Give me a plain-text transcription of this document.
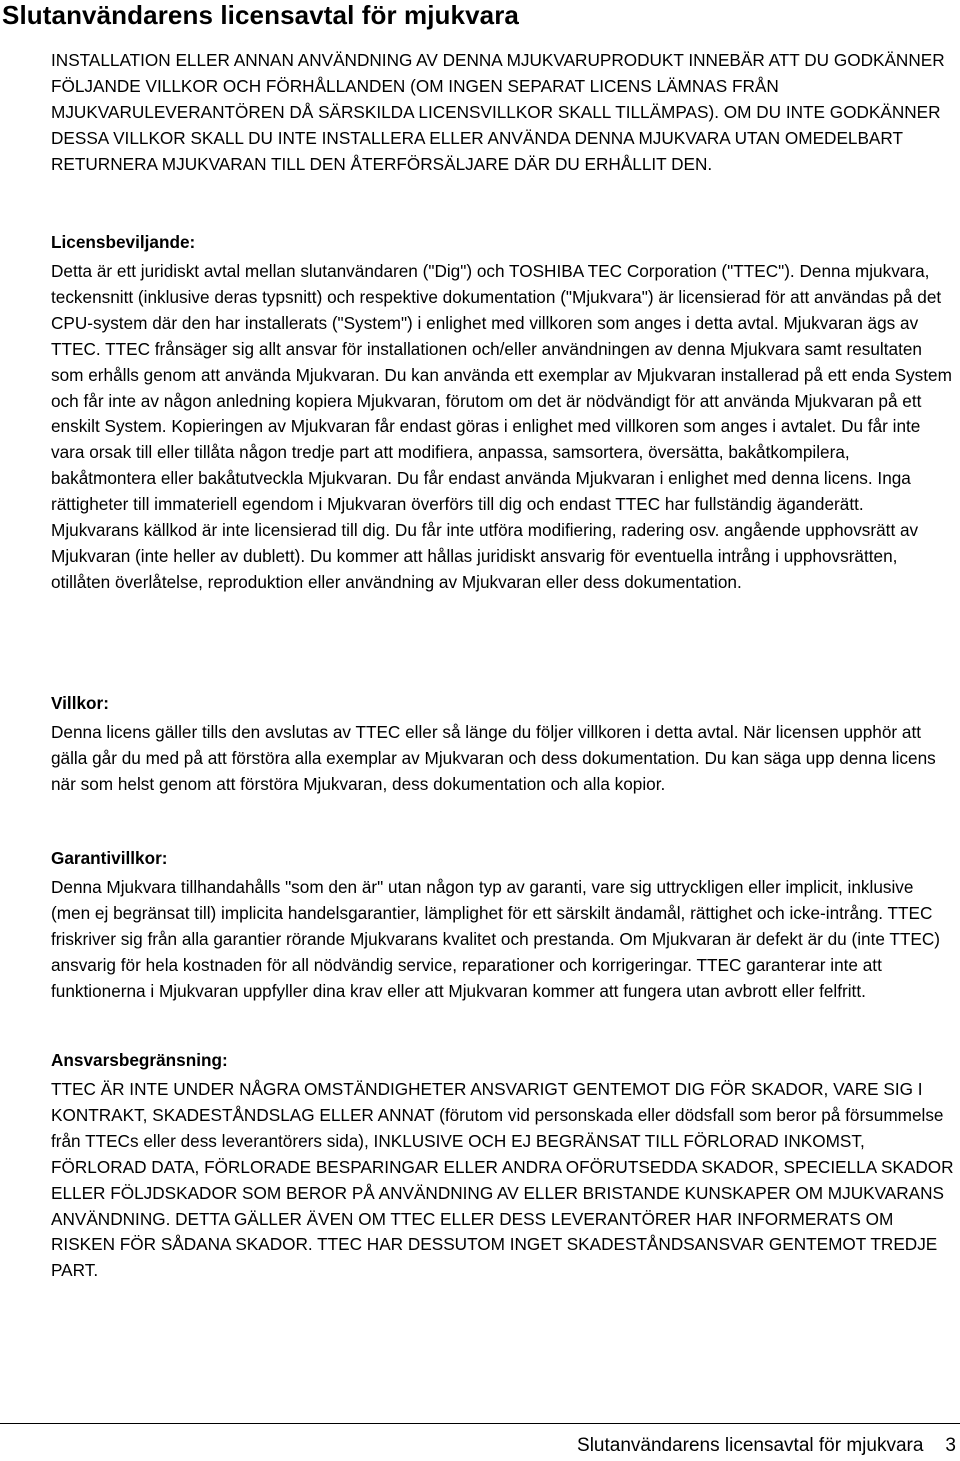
Slutanvändarens licensavtal för mjukvara

INSTALLATION ELLER ANNAN ANVÄNDNING AV DENNA MJUKVARUPRODUKT INNEBÄR ATT DU GODKÄNNER FÖLJANDE VILLKOR OCH FÖRHÅLLANDEN (OM INGEN SEPARAT LICENS LÄMNAS FRÅN MJUKVARULEVERANTÖREN DÅ SÄRSKILDA LICENSVILLKOR SKALL TILLÄMPAS). OM DU INTE GODKÄNNER DESSA VILLKOR SKALL DU INTE INSTALLERA ELLER ANVÄNDA DENNA MJUKVARA UTAN OMEDELBART RETURNERA MJUKVARAN TILL DEN ÅTERFÖRSÄLJARE DÄR DU ERHÅLLIT DEN.

Licensbeviljande:

Detta är ett juridiskt avtal mellan slutanvändaren ("Dig") och TOSHIBA TEC Corporation ("TTEC"). Denna mjukvara, teckensnitt (inklusive deras typsnitt) och respektive dokumentation ("Mjukvara") är licensierad för att användas på det CPU-system där den har installerats ("System") i enlighet med villkoren som anges i detta avtal. Mjukvaran ägs av TTEC. TTEC frånsäger sig allt ansvar för installationen och/eller användningen av denna Mjukvara samt resultaten som erhålls genom att använda Mjukvaran. Du kan använda ett exemplar av Mjukvaran installerad på ett enda System och får inte av någon anledning kopiera Mjukvaran, förutom om det är nödvändigt för att använda Mjukvaran på ett enskilt System. Kopieringen av Mjukvaran får endast göras i enlighet med villkoren som anges i avtalet. Du får inte vara orsak till eller tillåta någon tredje part att modifiera, anpassa, samsortera, översätta, bakåtkompilera, bakåtmontera eller bakåtutveckla Mjukvaran. Du får endast använda Mjukvaran i enlighet med denna licens. Inga rättigheter till immateriell egendom i Mjukvaran överförs till dig och endast TTEC har fullständig äganderätt. Mjukvarans källkod är inte licensierad till dig. Du får inte utföra modifiering, radering osv. angående upphovsrätt av Mjukvaran (inte heller av dublett). Du kommer att hållas juridiskt ansvarig för eventuella intrång i upphovsrätten, otillåten överlåtelse, reproduktion eller användning av Mjukvaran eller dess dokumentation.

Villkor:

Denna licens gäller tills den avslutas av TTEC eller så länge du följer villkoren i detta avtal. När licensen upphör att gälla går du med på att förstöra alla exemplar av Mjukvaran och dess dokumentation. Du kan säga upp denna licens när som helst genom att förstöra Mjukvaran, dess dokumentation och alla kopior.

Garantivillkor:

Denna Mjukvara tillhandahålls "som den är" utan någon typ av garanti, vare sig uttryckligen eller implicit, inklusive (men ej begränsat till) implicita handelsgarantier, lämplighet för ett särskilt ändamål, rättighet och icke-intrång. TTEC friskriver sig från alla garantier rörande Mjukvarans kvalitet och prestanda. Om Mjukvaran är defekt är du (inte TTEC) ansvarig för hela kostnaden för all nödvändig service, reparationer och korrigeringar. TTEC garanterar inte att funktionerna i Mjukvaran uppfyller dina krav eller att Mjukvaran kommer att fungera utan avbrott eller felfritt.

Ansvarsbegränsning:

TTEC ÄR INTE UNDER NÅGRA OMSTÄNDIGHETER ANSVARIGT GENTEMOT DIG FÖR SKADOR, VARE SIG I KONTRAKT, SKADESTÅNDSLAG ELLER ANNAT (förutom vid personskada eller dödsfall som beror på försummelse från TTECs eller dess leverantörers sida), INKLUSIVE OCH EJ BEGRÄNSAT TILL FÖRLORAD INKOMST, FÖRLORAD DATA, FÖRLORADE BESPARINGAR ELLER ANDRA OFÖRUTSEDDA SKADOR, SPECIELLA SKADOR ELLER FÖLJDSKADOR SOM BEROR PÅ ANVÄNDNING AV ELLER BRISTANDE KUNSKAPER OM MJUKVARANS ANVÄNDNING. DETTA GÄLLER ÄVEN OM TTEC ELLER DESS LEVERANTÖRER HAR INFORMERATS OM RISKEN FÖR SÅDANA SKADOR. TTEC HAR DESSUTOM INGET SKADESTÅNDSANSVAR GENTEMOT TREDJE PART.

Slutanvändarens licensavtal för mjukvara 3
